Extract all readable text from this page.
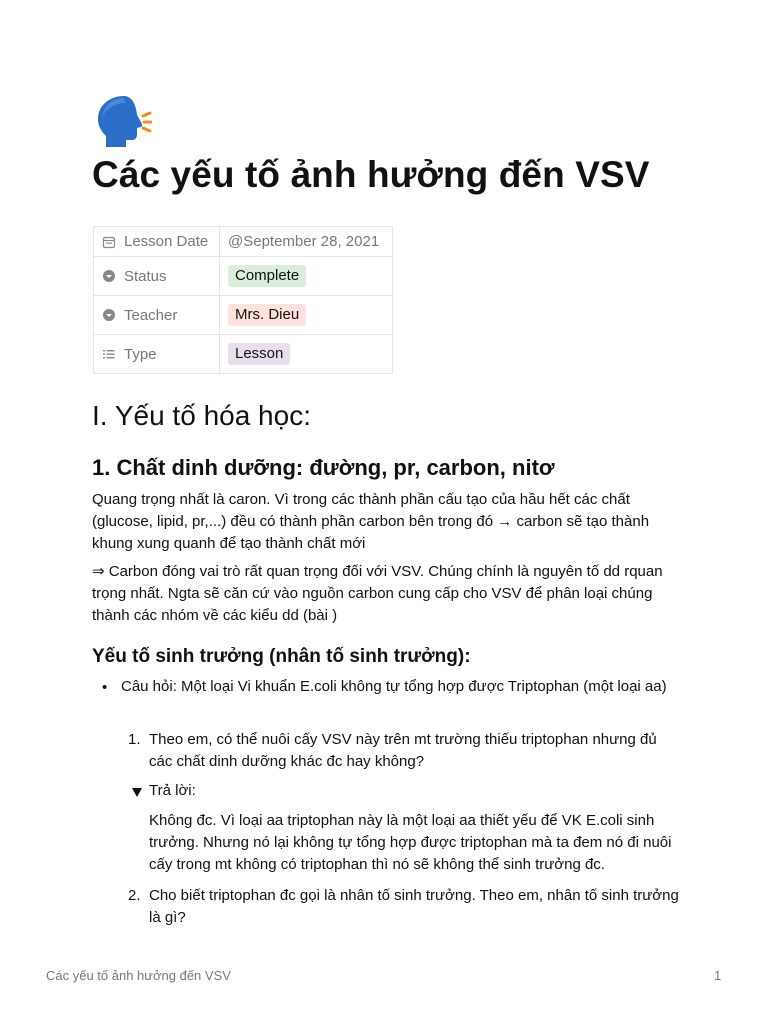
Các yếu tố ảnh hưởng đến VSV
Lesson Date	@September 28, 2021

Status	Complete

Teacher	Mrs. Dieu

Type	Lesson
I. Yếu tố hóa học:
1. Chất dinh dưỡng: đường, pr, carbon, nitơ

Quang trọng nhất là caron. Vì trong các thành phần cấu tạo của hầu hết các chất (glucose, lipid, pr,...) đều có thành phần carbon bên trong đó → carbon sẽ tạo thành khung xung quanh để tạo thành chất mới

⇒ Carbon đóng vai trò rất quan trọng đối với VSV. Chúng chính là nguyên tố dd rquan trọng nhất. Ngta sẽ căn cứ vào nguồn carbon cung cấp cho VSV để phân loại chúng thành các nhóm về các kiểu dd (bài )

Yếu tố sinh trưởng (nhân tố sinh trưởng):
• Câu hỏi: Một loại Vi khuẩn E.coli không tự tổng hợp được Triptophan (một loại aa)

1. Theo em, có thể nuôi cấy VSV này trên mt trường thiếu triptophan nhưng đủ các chất dinh dưỡng khác đc hay không?

Trả lời:

Không đc. Vì loại aa triptophan này là một loại aa thiết yếu để VK E.coli sinh trưởng. Nhưng nó lại không tự tổng hợp được triptophan mà ta đem nó đi nuôi cấy trong mt không có triptophan thì nó sẽ không thể sinh trưởng đc.

2. Cho biết triptophan đc gọi là nhân tố sinh trưởng. Theo em, nhân tố sinh trưởng là gì?

Các yếu tố ảnh hưởng đến VSV	1
